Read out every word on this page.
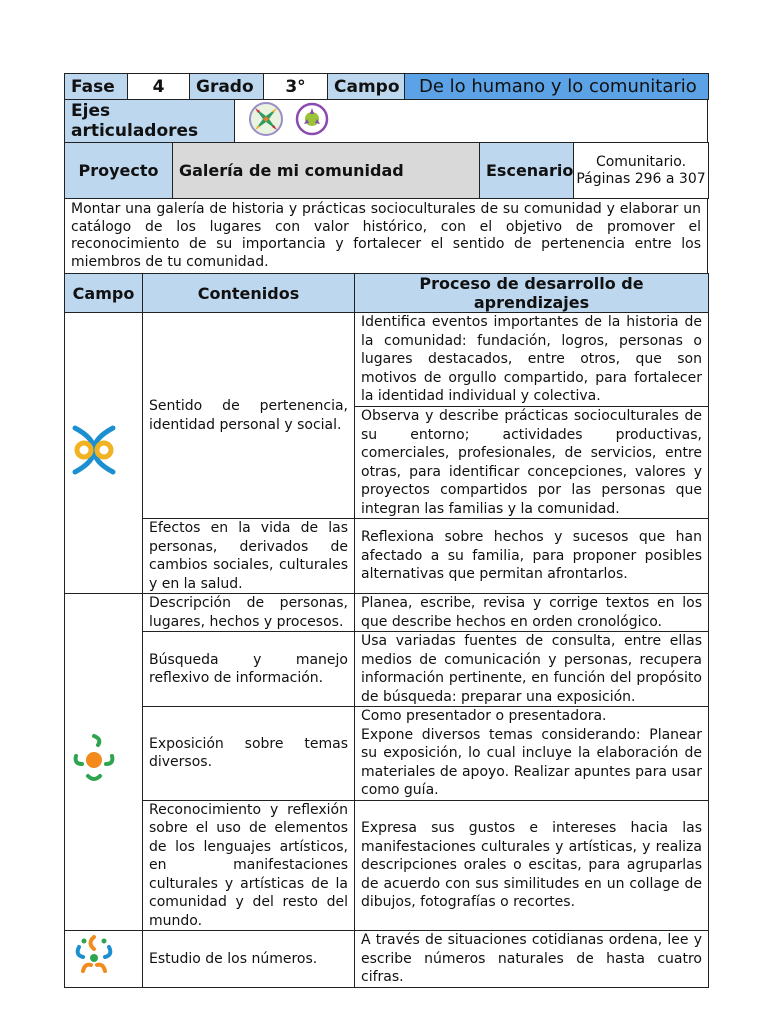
Fase	4	Grado	3°	Campo	De lo humano y lo comunitario
Ejes articuladores	
Proyecto	Galería de mi comunidad	Escenario	Comunitario. Páginas 296 a 307
Montar una galería de historia y prácticas socioculturales de su comunidad y elaborar un catálogo de los lugares con valor histórico, con el objetivo de promover el reconocimiento de su importancia y fortalecer el sentido de pertenencia entre los miembros de tu comunidad.
Campo	Contenidos	Proceso de desarrollo de aprendizajes
	Sentido de pertenencia, identidad personal y social.	Identifica eventos importantes de la historia de la comunidad: fundación, logros, personas o lugares destacados, entre otros, que son motivos de orgullo compartido, para fortalecer la identidad individual y colectiva.
		Observa y describe prácticas socioculturales de su entorno; actividades productivas, comerciales, profesionales, de servicios, entre otras, para identificar concepciones, valores y proyectos compartidos por las personas que integran las familias y la comunidad.
	Efectos en la vida de las personas, derivados de cambios sociales, culturales y en la salud.	Reflexiona sobre hechos y sucesos que han afectado a su familia, para proponer posibles alternativas que permitan afrontarlos.
	Descripción de personas, lugares, hechos y procesos.	Planea, escribe, revisa y corrige textos en los que describe hechos en orden cronológico.
	Búsqueda y manejo reflexivo de información.	Usa variadas fuentes de consulta, entre ellas medios de comunicación y personas, recupera información pertinente, en función del propósito de búsqueda: preparar una exposición.
	Exposición sobre temas diversos.	Como presentador o presentadora.
Expone diversos temas considerando: Planear su exposición, lo cual incluye la elaboración de materiales de apoyo. Realizar apuntes para usar como guía.
	Reconocimiento y reflexión sobre el uso de elementos de los lenguajes artísticos, en manifestaciones culturales y artísticas de la comunidad y del resto del mundo.	Expresa sus gustos e intereses hacia las manifestaciones culturales y artísticas, y realiza descripciones orales o escitas, para agruparlas de acuerdo con sus similitudes en un collage de dibujos, fotografías o recortes.
	Estudio de los números.	A través de situaciones cotidianas ordena, lee y escribe números naturales de hasta cuatro cifras.
